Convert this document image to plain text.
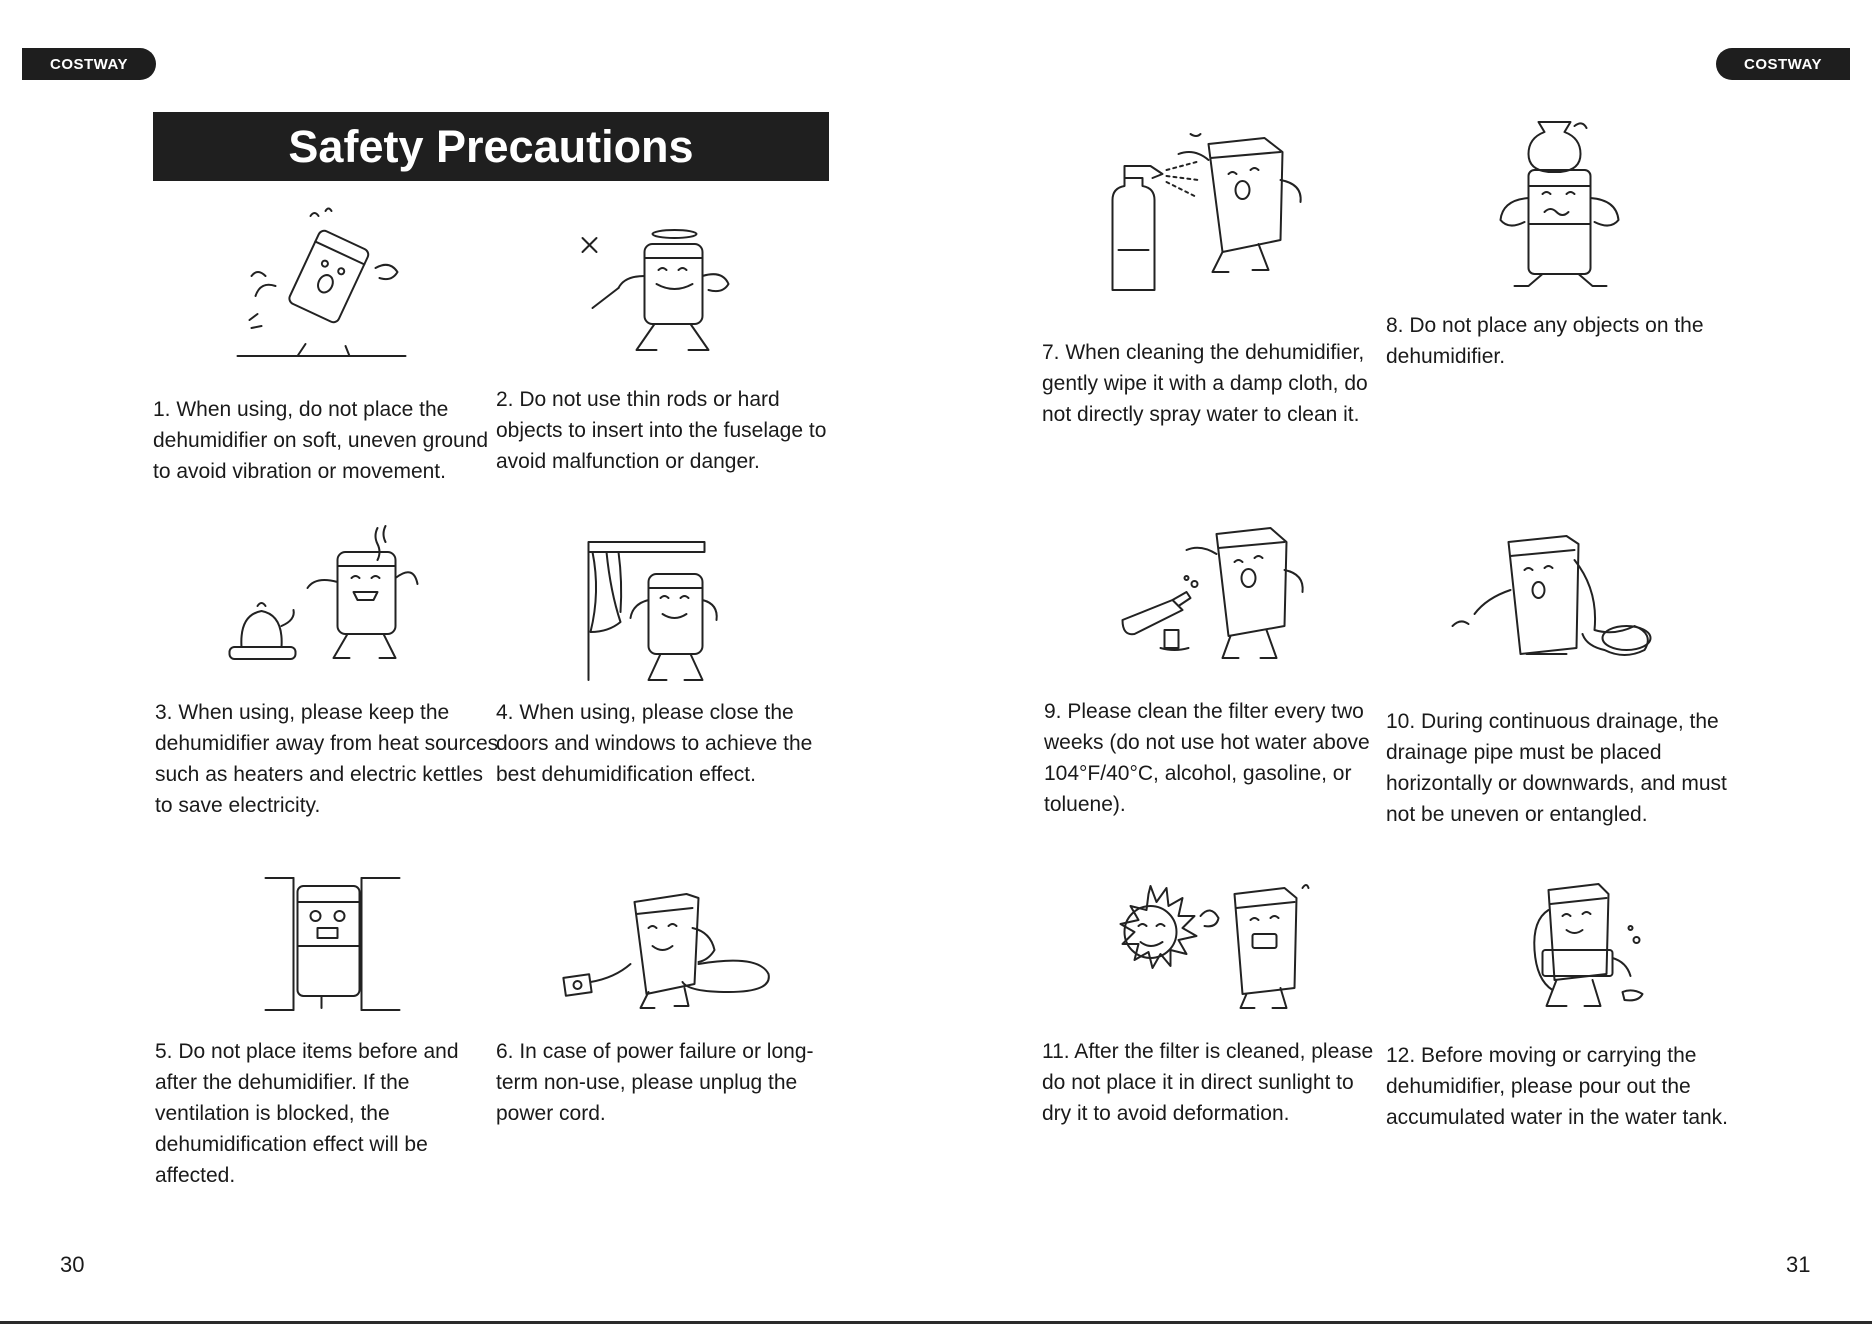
COSTWAY	COSTWAY
Safety Precautions
1. When using, do not place the dehumidifier on soft, uneven ground to avoid vibration or movement.
2. Do not use thin rods or hard objects to insert into the fuselage to avoid malfunction or danger.
3. When using, please keep the dehumidifier away from heat sources such as heaters and electric kettles to save electricity.
4. When using, please close the doors and windows to achieve the best dehumidification effect.
5. Do not place items before and after the dehumidifier. If the ventilation is blocked, the dehumidification effect will be affected.
6. In case of power failure or long-term non-use, please unplug the power cord.
7. When cleaning the dehumidifier, gently wipe it with a damp cloth, do not directly spray water to clean it.
8. Do not place any objects on the dehumidifier.
9. Please clean the filter every two weeks (do not use hot water above 104°F/40°C, alcohol, gasoline, or toluene).
10. During continuous drainage, the drainage pipe must be placed horizontally or downwards, and must not be uneven or entangled.
11. After the filter is cleaned, please do not place it in direct sunlight to dry it to avoid deformation.
12. Before moving or carrying the dehumidifier, please pour out the accumulated water in the water tank.
30	31
